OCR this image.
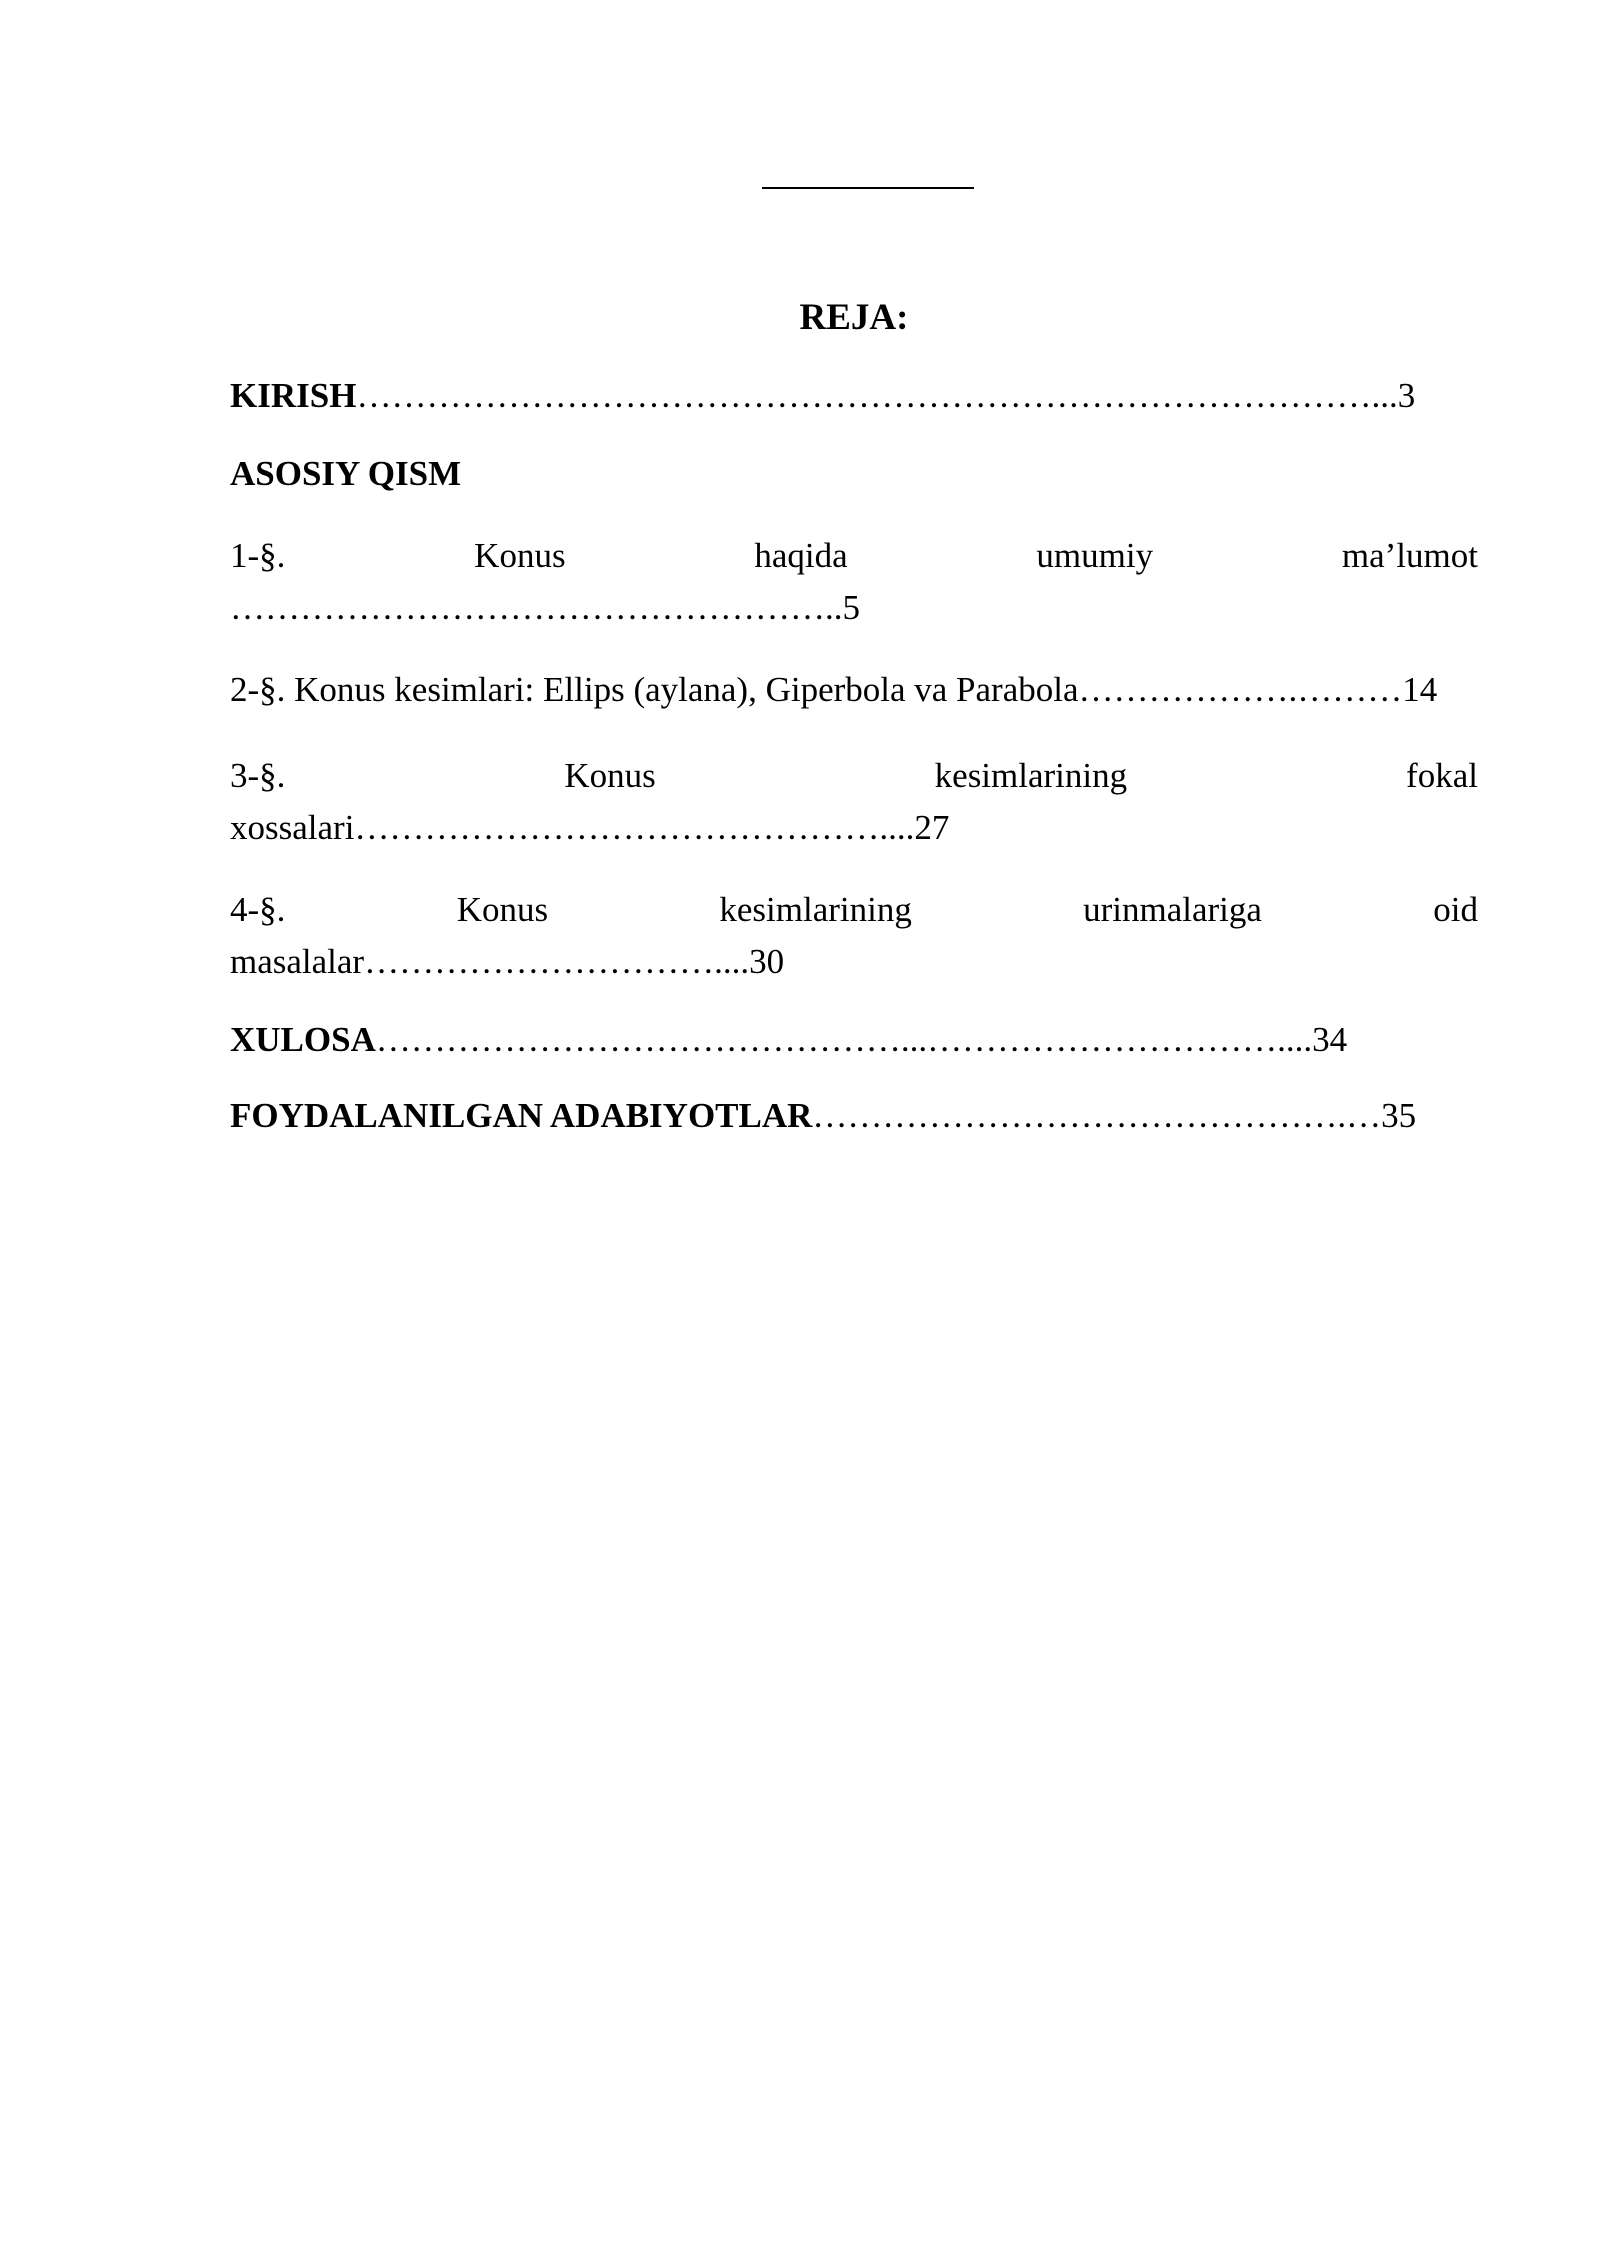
REJA:
KIRISH……………………………………………………………………………...3
ASOSIY QISM
1-§.	Konus	haqida	umumiy	ma’lumot
……………………………………………..5
2-§. Konus kesimlari: Ellips (aylana), Giperbola va Parabola……………….………14
3-§.	Konus	kesimlarining	fokal
xossalari………………………………………....27
4-§.	Konus	kesimlarining	urinmalariga	oid
masalalar…………………………....30
XULOSA………………………………………...…………………………....34
FOYDALANILGAN ADABIYOTLAR……………………………………….…35
